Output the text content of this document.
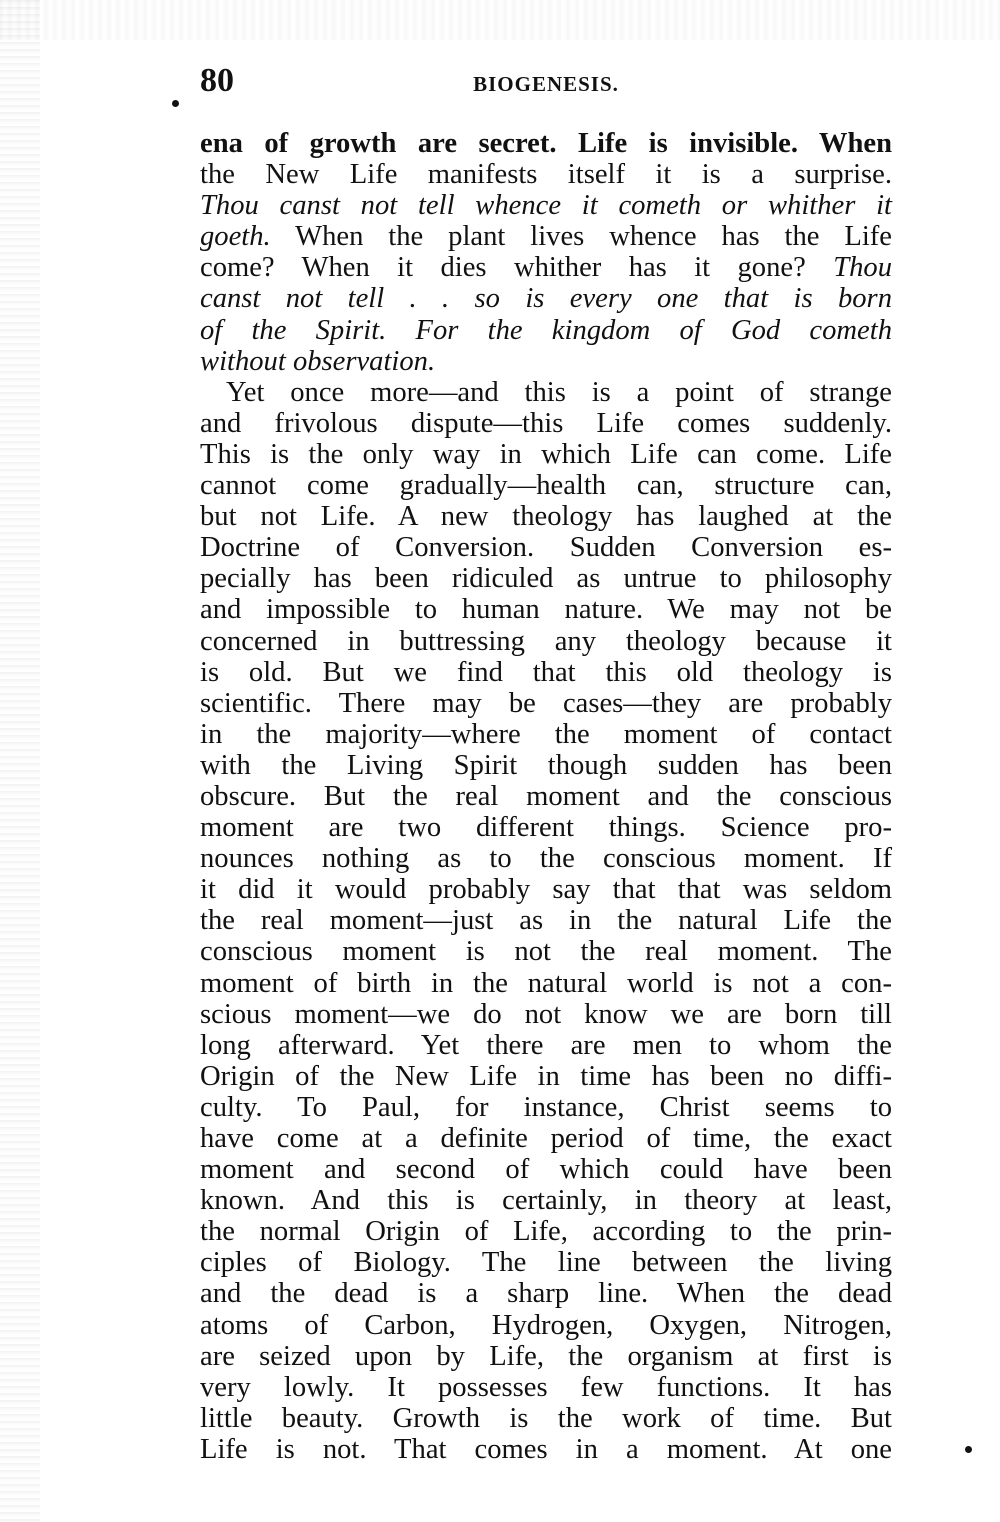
80	BIOGENESIS.
ena of growth are secret. Life is invisible. When
the New Life manifests itself it is a surprise.
Thou canst not tell whence it cometh or whither it
goeth. When the plant lives whence has the Life
come? When it dies whither has it gone? Thou
canst not tell . . so is every one that is born
of the Spirit. For the kingdom of God cometh
without observation.
Yet once more—and this is a point of strange
and frivolous dispute—this Life comes suddenly.
This is the only way in which Life can come. Life
cannot come gradually—health can, structure can,
but not Life. A new theology has laughed at the
Doctrine of Conversion. Sudden Conversion es-
pecially has been ridiculed as untrue to philosophy
and impossible to human nature. We may not be
concerned in buttressing any theology because it
is old. But we find that this old theology is
scientific. There may be cases—they are probably
in the majority—where the moment of contact
with the Living Spirit though sudden has been
obscure. But the real moment and the conscious
moment are two different things. Science pro-
nounces nothing as to the conscious moment. If
it did it would probably say that that was seldom
the real moment—just as in the natural Life the
conscious moment is not the real moment. The
moment of birth in the natural world is not a con-
scious moment—we do not know we are born till
long afterward. Yet there are men to whom the
Origin of the New Life in time has been no diffi-
culty. To Paul, for instance, Christ seems to
have come at a definite period of time, the exact
moment and second of which could have been
known. And this is certainly, in theory at least,
the normal Origin of Life, according to the prin-
ciples of Biology. The line between the living
and the dead is a sharp line. When the dead
atoms of Carbon, Hydrogen, Oxygen, Nitrogen,
are seized upon by Life, the organism at first is
very lowly. It possesses few functions. It has
little beauty. Growth is the work of time. But
Life is not. That comes in a moment. At one
